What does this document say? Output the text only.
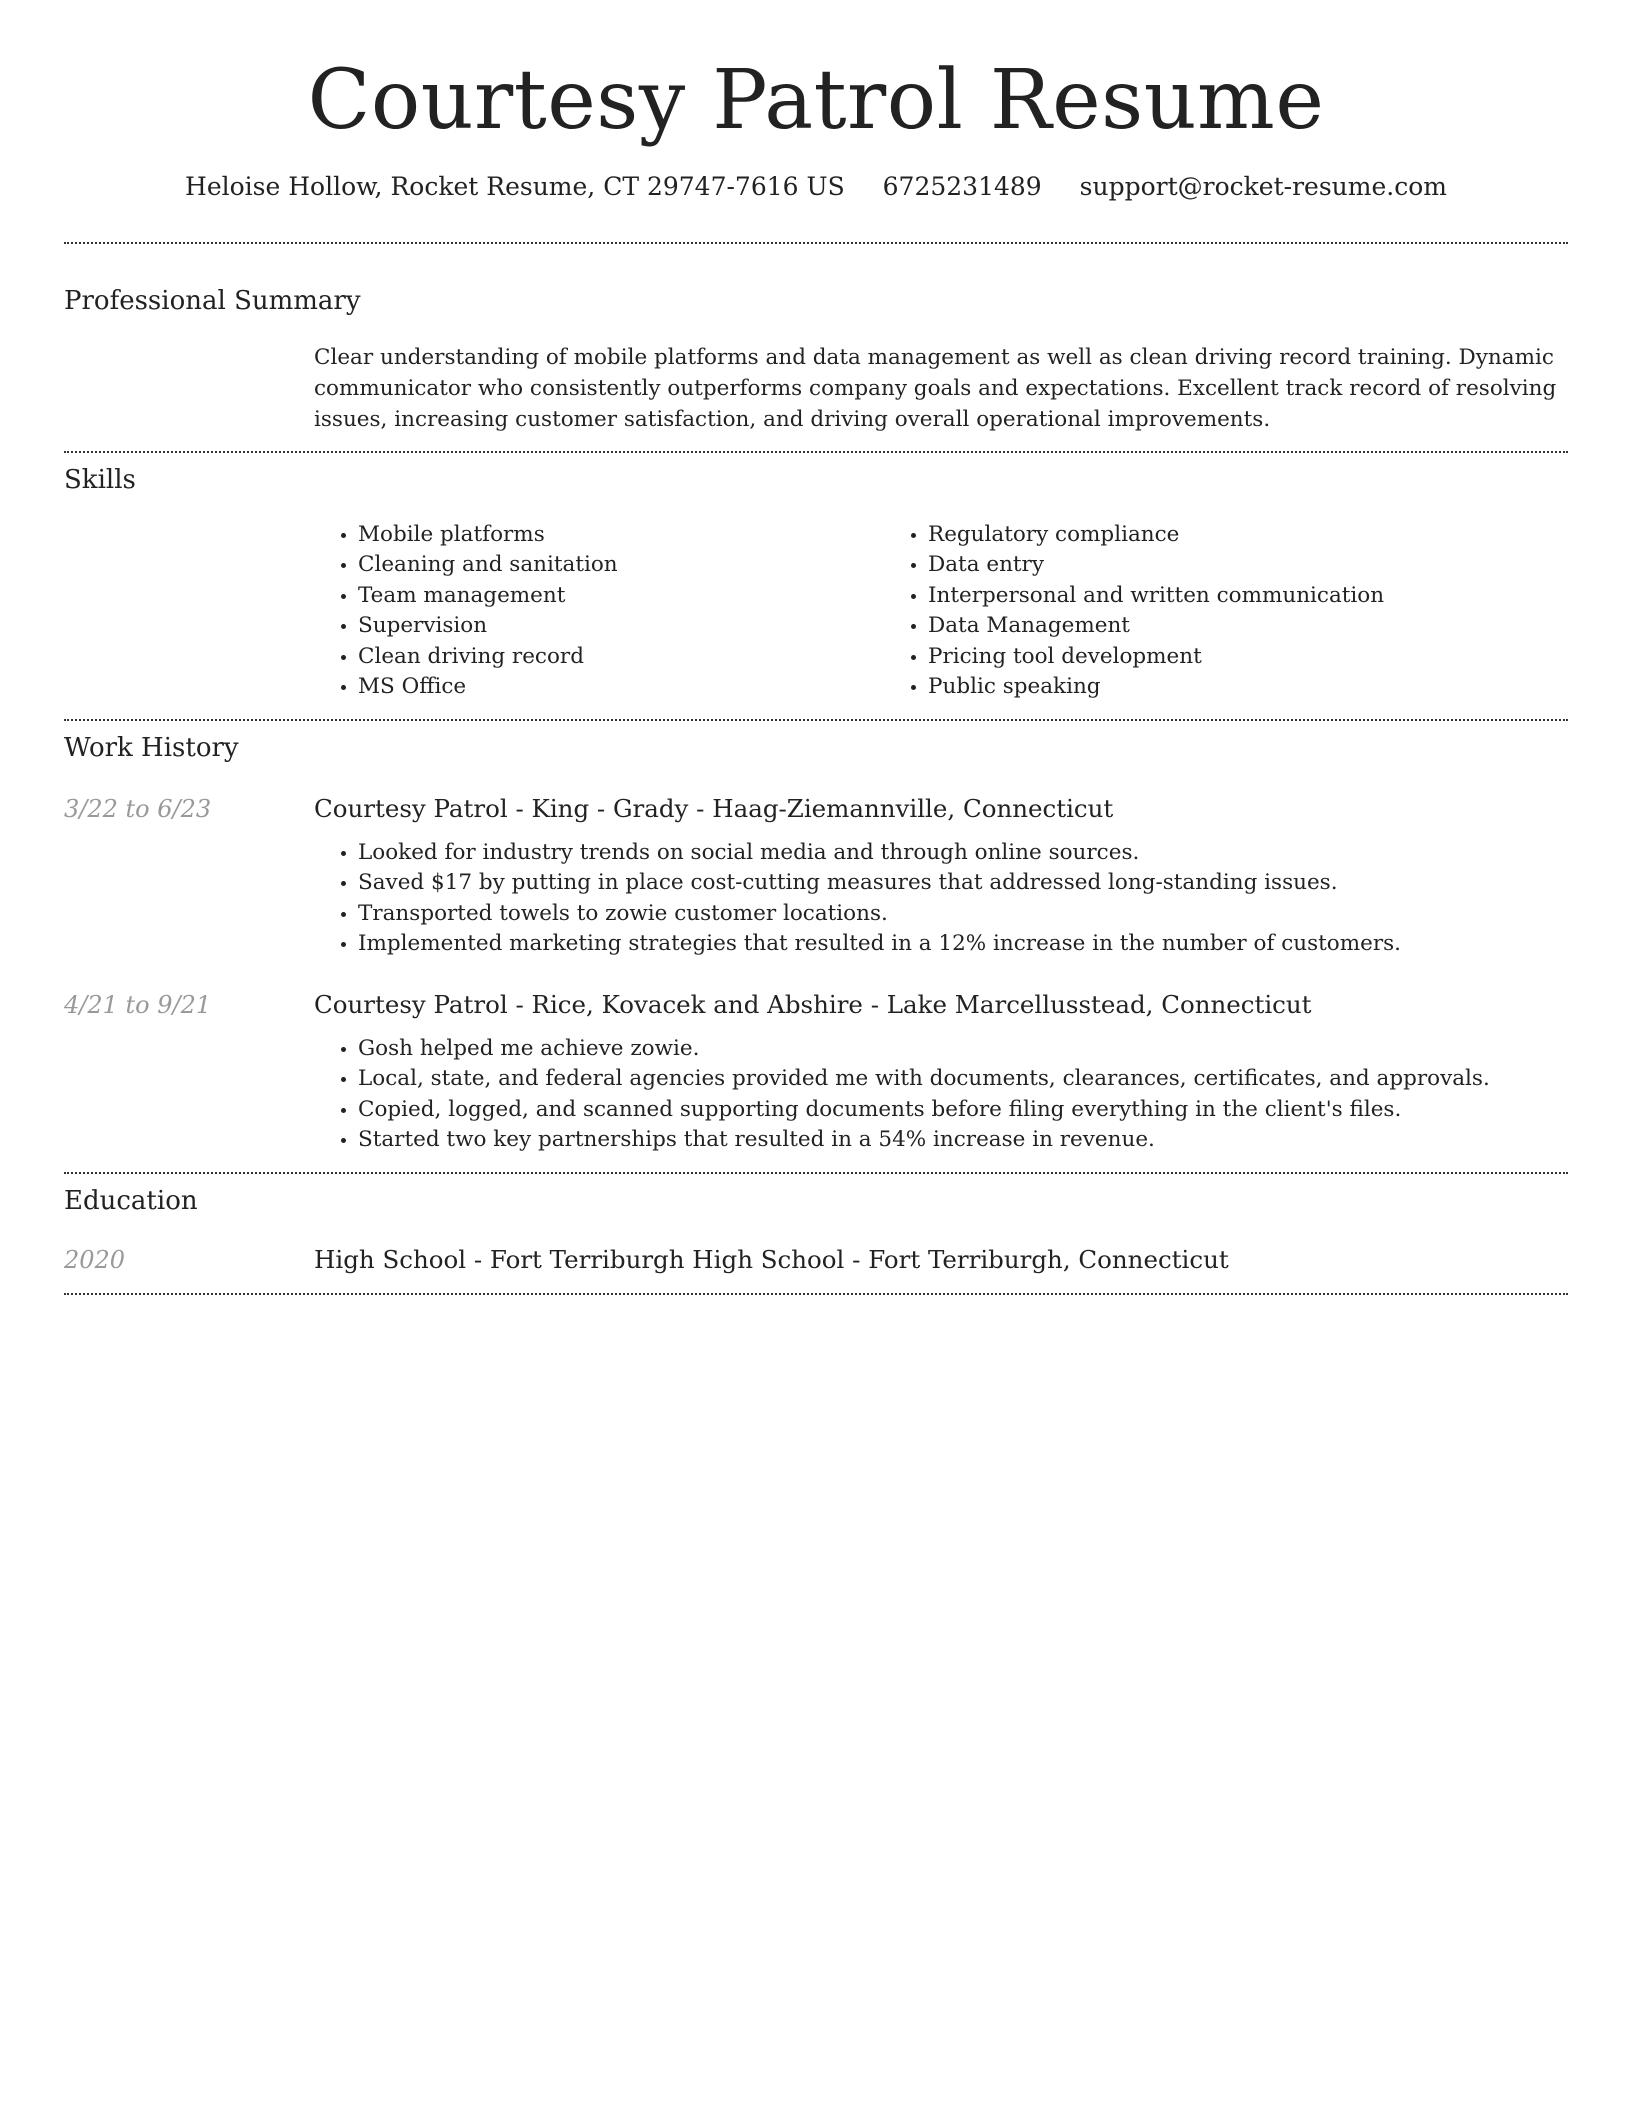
Courtesy Patrol Resume
Heloise Hollow, Rocket Resume, CT 29747-7616 US 6725231489 support@rocket-resume.com
Professional Summary

Clear understanding of mobile platforms and data management as well as clean driving record training. Dynamic communicator who consistently outperforms company goals and expectations. Excellent track record of resolving issues, increasing customer satisfaction, and driving overall operational improvements.

Skills
• Mobile platforms
• Cleaning and sanitation
• Team management
• Supervision
• Clean driving record
• MS Office
• Regulatory compliance
• Data entry
• Interpersonal and written communication
• Data Management
• Pricing tool development
• Public speaking
Work History
3/22 to 6/23	Courtesy Patrol - King - Grady - Haag-Ziemannville, Connecticut
• Looked for industry trends on social media and through online sources.
• Saved $17 by putting in place cost-cutting measures that addressed long-standing issues.
• Transported towels to zowie customer locations.
• Implemented marketing strategies that resulted in a 12% increase in the number of customers.
4/21 to 9/21	Courtesy Patrol - Rice, Kovacek and Abshire - Lake Marcellusstead, Connecticut
• Gosh helped me achieve zowie.
• Local, state, and federal agencies provided me with documents, clearances, certificates, and approvals.
• Copied, logged, and scanned supporting documents before filing everything in the client's files.
• Started two key partnerships that resulted in a 54% increase in revenue.
Education
2020	High School - Fort Terriburgh High School - Fort Terriburgh, Connecticut
